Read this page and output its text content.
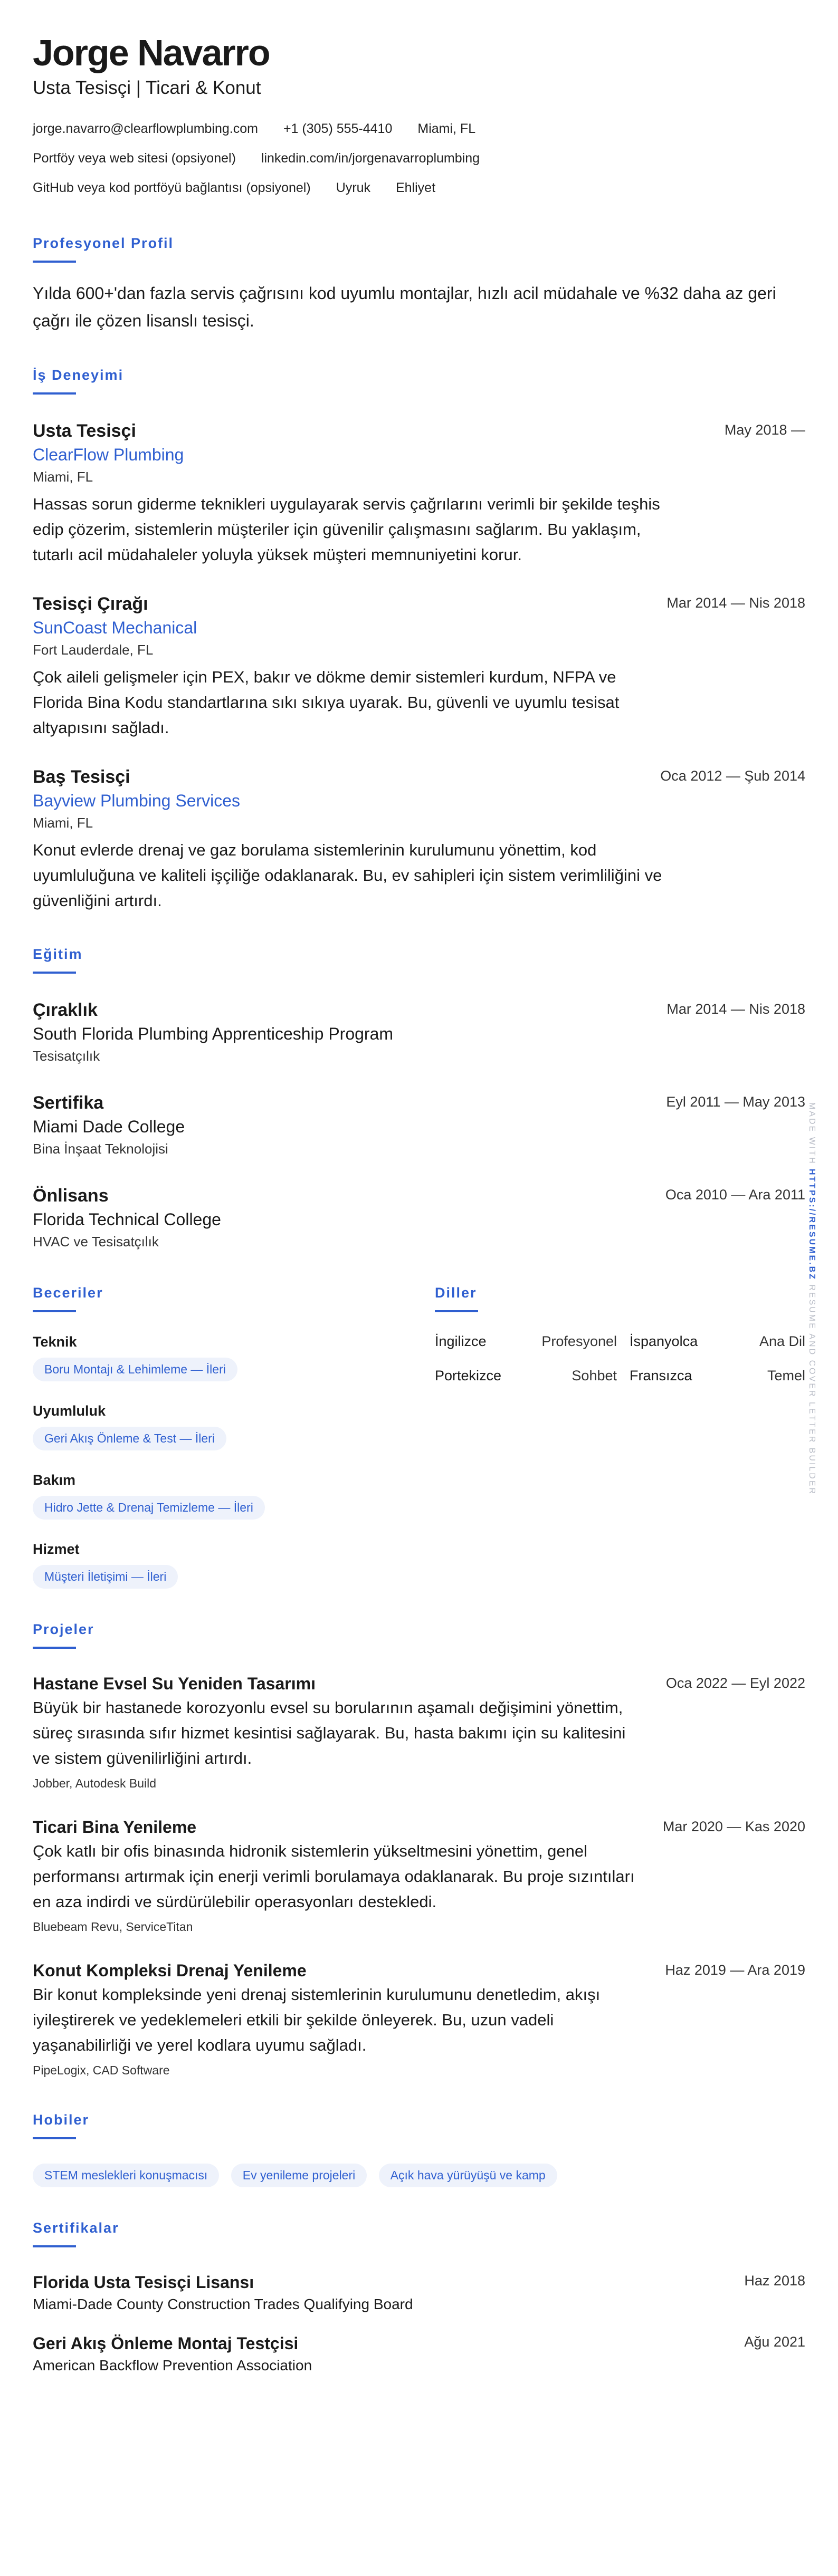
Jorge Navarro
Usta Tesisçi | Ticari & Konut
jorge.navarro@clearflowplumbing.com +1 (305) 555-4410 Miami, FL
Portföy veya web sitesi (opsiyonel) linkedin.com/in/jorgenavarroplumbing
GitHub veya kod portföyü bağlantısı (opsiyonel) Uyruk Ehliyet
Profesyonel Profil
Yılda 600+'dan fazla servis çağrısını kod uyumlu montajlar, hızlı acil müdahale ve %32 daha az geri çağrı ile çözen lisanslı tesisçi.
İş Deneyimi
May 2018 —
Usta Tesisçi
ClearFlow Plumbing
Miami, FL
Hassas sorun giderme teknikleri uygulayarak servis çağrılarını verimli bir şekilde teşhis edip çözerim, sistemlerin müşteriler için güvenilir çalışmasını sağlarım. Bu yaklaşım, tutarlı acil müdahaleler yoluyla yüksek müşteri memnuniyetini korur.
Mar 2014 — Nis 2018
Tesisçi Çırağı
SunCoast Mechanical
Fort Lauderdale, FL
Çok aileli gelişmeler için PEX, bakır ve dökme demir sistemleri kurdum, NFPA ve Florida Bina Kodu standartlarına sıkı sıkıya uyarak. Bu, güvenli ve uyumlu tesisat altyapısını sağladı.
Oca 2012 — Şub 2014
Baş Tesisçi
Bayview Plumbing Services
Miami, FL
Konut evlerde drenaj ve gaz borulama sistemlerinin kurulumunu yönettim, kod uyumluluğuna ve kaliteli işçiliğe odaklanarak. Bu, ev sahipleri için sistem verimliliğini ve güvenliğini artırdı.
Eğitim
Mar 2014 — Nis 2018
Çıraklık
South Florida Plumbing Apprenticeship Program
Tesisatçılık
Eyl 2011 — May 2013
Sertifika
Miami Dade College
Bina İnşaat Teknolojisi
Oca 2010 — Ara 2011
Önlisans
Florida Technical College
HVAC ve Tesisatçılık
Beceriler
Teknik
Boru Montajı & Lehimleme — İleri
Uyumluluk
Geri Akış Önleme & Test — İleri
Bakım
Hidro Jette & Drenaj Temizleme — İleri
Hizmet
Müşteri İletişimi — İleri
Diller
İngilizce	Profesyonel İspanyolca	Ana Dil
Portekizce	Sohbet Fransızca	Temel
Projeler
Oca 2022 — Eyl 2022
Hastane Evsel Su Yeniden Tasarımı
Büyük bir hastanede korozyonlu evsel su borularının aşamalı değişimini yönettim, süreç sırasında sıfır hizmet kesintisi sağlayarak. Bu, hasta bakımı için su kalitesini ve sistem güvenilirliğini artırdı.
Jobber, Autodesk Build
Mar 2020 — Kas 2020
Ticari Bina Yenileme
Çok katlı bir ofis binasında hidronik sistemlerin yükseltmesini yönettim, genel performansı artırmak için enerji verimli borulamaya odaklanarak. Bu proje sızıntıları en aza indirdi ve sürdürülebilir operasyonları destekledi.
Bluebeam Revu, ServiceTitan
Haz 2019 — Ara 2019
Konut Kompleksi Drenaj Yenileme
Bir konut kompleksinde yeni drenaj sistemlerinin kurulumunu denetledim, akışı iyileştirerek ve yedeklemeleri etkili bir şekilde önleyerek. Bu, uzun vadeli yaşanabilirliği ve yerel kodlara uyumu sağladı.
PipeLogix, CAD Software
Hobiler
STEM meslekleri konuşmacısı	Ev yenileme projeleri	Açık hava yürüyüşü ve kamp
Sertifikalar
Haz 2018
Florida Usta Tesisçi Lisansı
Miami-Dade County Construction Trades Qualifying Board
Ağu 2021
Geri Akış Önleme Montaj Testçisi
American Backflow Prevention Association
MADE WITH HTTPS://RESUME.BZ RESUME AND COVER LETTER BUILDER
